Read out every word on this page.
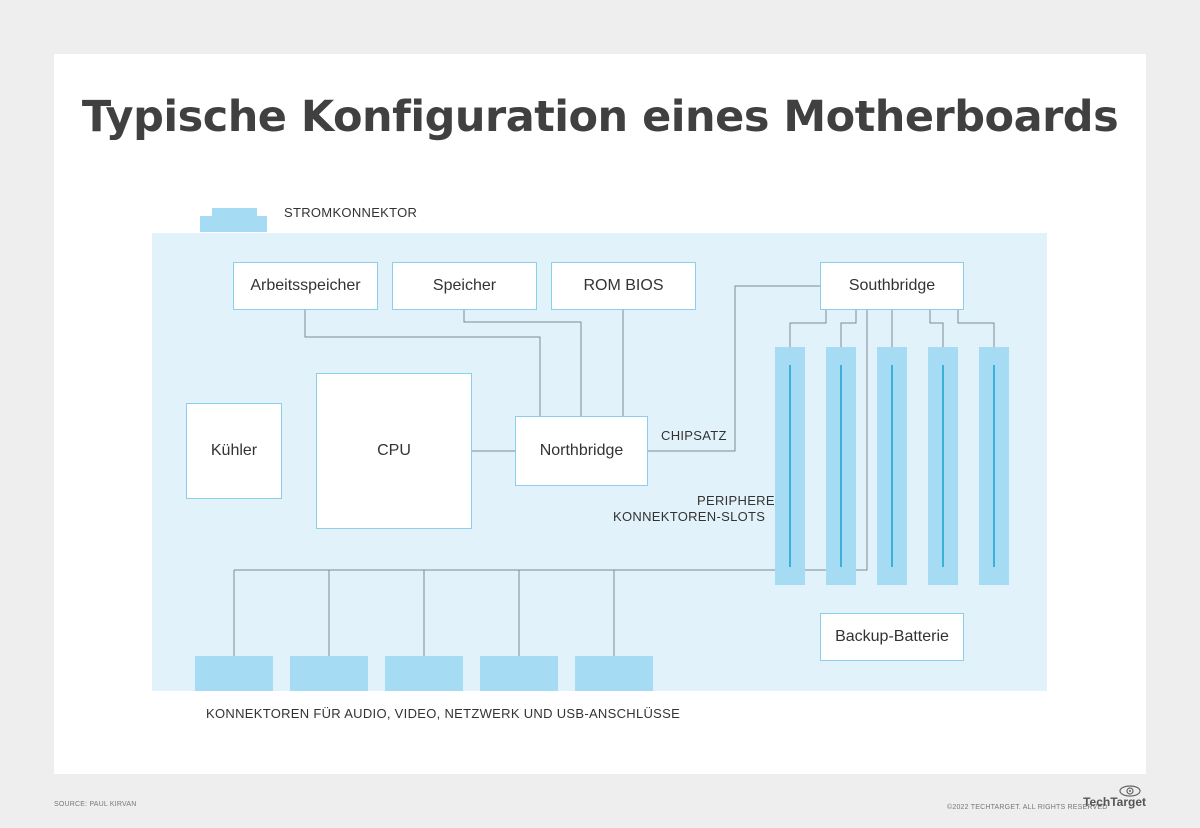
Typische Konfiguration eines Motherboards
STROMKONNEKTOR
Arbeitsspeicher	Speicher	ROM BIOS	Southbridge
Kühler	CPU	Northbridge
CHIPSATZ
PERIPHERE
KONNEKTOREN-SLOTS
Backup-Batterie
KONNEKTOREN FÜR AUDIO, VIDEO, NETZWERK UND USB-ANSCHLÜSSE
SOURCE: PAUL KIRVAN	©2022 TECHTARGET. ALL RIGHTS RESERVED
TechTarget
